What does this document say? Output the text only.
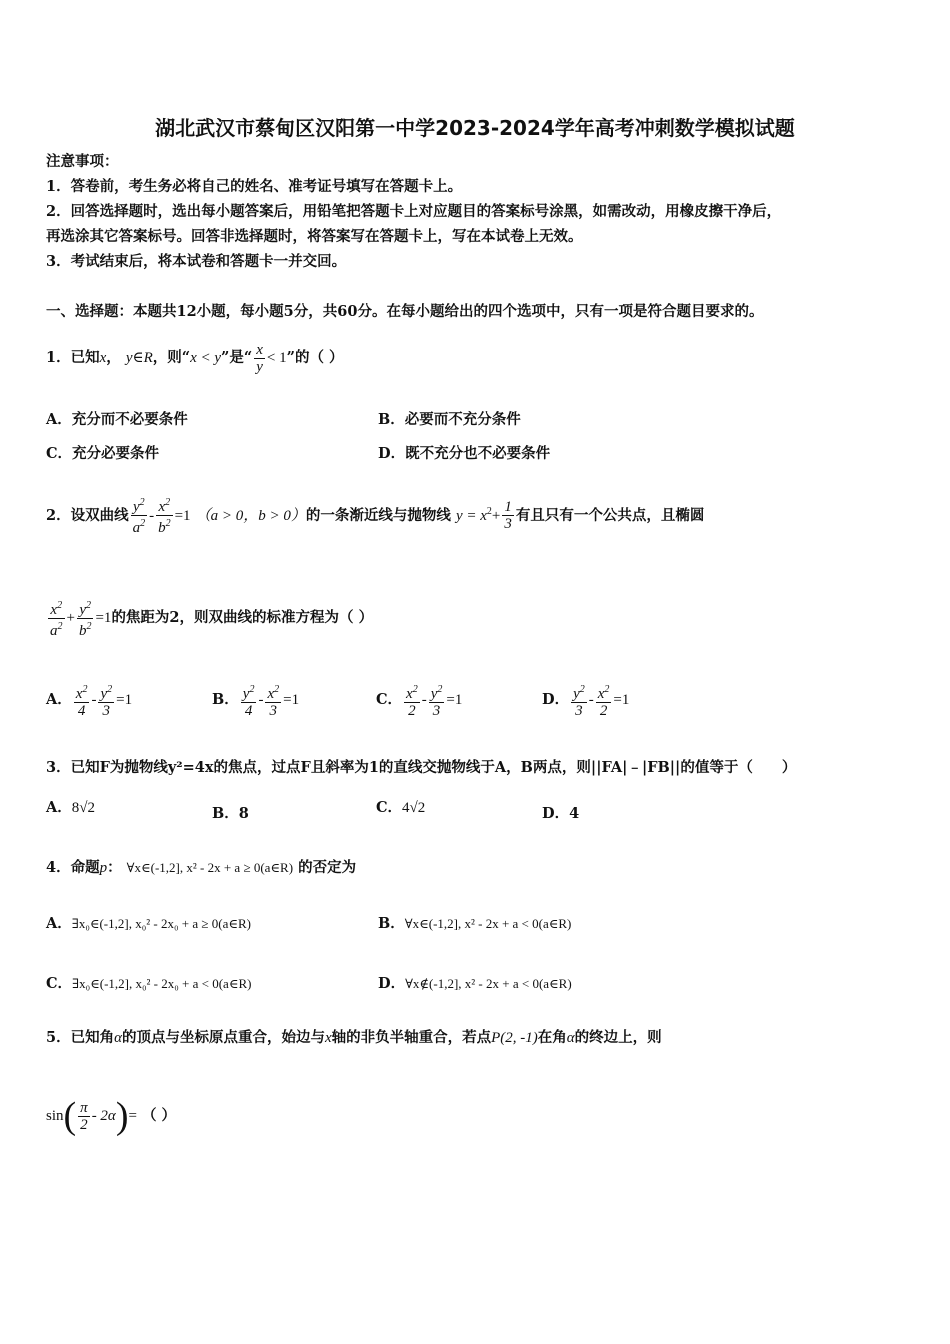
湖北武汉市蔡甸区汉阳第一中学2023-2024学年高考冲刺数学模拟试题
注意事项：
1．答卷前，考生务必将自己的姓名、准考证号填写在答题卡上。
2．回答选择题时，选出每小题答案后，用铅笔把答题卡上对应题目的答案标号涂黑，如需改动，用橡皮擦干净后，
再选涂其它答案标号。回答非选择题时，将答案写在答题卡上，写在本试卷上无效。
3．考试结束后，将本试卷和答题卡一并交回。
一、选择题：本题共12小题，每小题5分，共60分。在每小题给出的四个选项中，只有一项是符合题目要求的。
1．已知x， y∈R，则“x < y”是“ $\frac{x}{y} < 1$”的（ ）
A．充分而不必要条件	B．必要而不充分条件
C．充分必要条件	D．既不充分也不必要条件
2．设双曲线 $\frac{y^2}{a^2} - \frac{x^2}{b^2} =1$ （a > 0，b > 0）的一条渐近线与抛物线 $y = x^2+ \frac{1}{3}$ 有且只有一个公共点，且椭圆
$\frac{x^2}{a^2} + \frac{y^2}{b^2} =1$的焦距为2，则双曲线的标准方程为（ ）
A． $\frac{x^2}{4} - \frac{y^2}{3} =1$	B． $\frac{y^2}{4} - \frac{x^2}{3} =1$	C． $\frac{x^2}{2} - \frac{y^2}{3} =1$	D． $\frac{y^2}{3} - \frac{x^2}{2} =1$
3．已知F为抛物线y²=4x的焦点，过点F且斜率为1的直线交抛物线于A，B两点，则||FA|﹣|FB||的值等于（　　）
A．8√2	B．8	C．4√2	D．4
4．命题p： ∀x∈(-1,2], x² - 2x + a ≥ 0(a∈R) 的否定为
A．∃x₀∈(-1,2], x₀² - 2x₀ + a ≥ 0(a∈R)	B．∀x∈(-1,2], x² - 2x + a < 0(a∈R)
C．∃x₀∈(-1,2], x₀² - 2x₀ + a < 0(a∈R)	D．∀x∉(-1,2], x² - 2x + a < 0(a∈R)
5．已知角α的顶点与坐标原点重合，始边与x轴的非负半轴重合，若点P(2, -1)在角α的终边上，则
$\sin( \frac{\pi}{2} - 2\alpha)=$ （ ）
